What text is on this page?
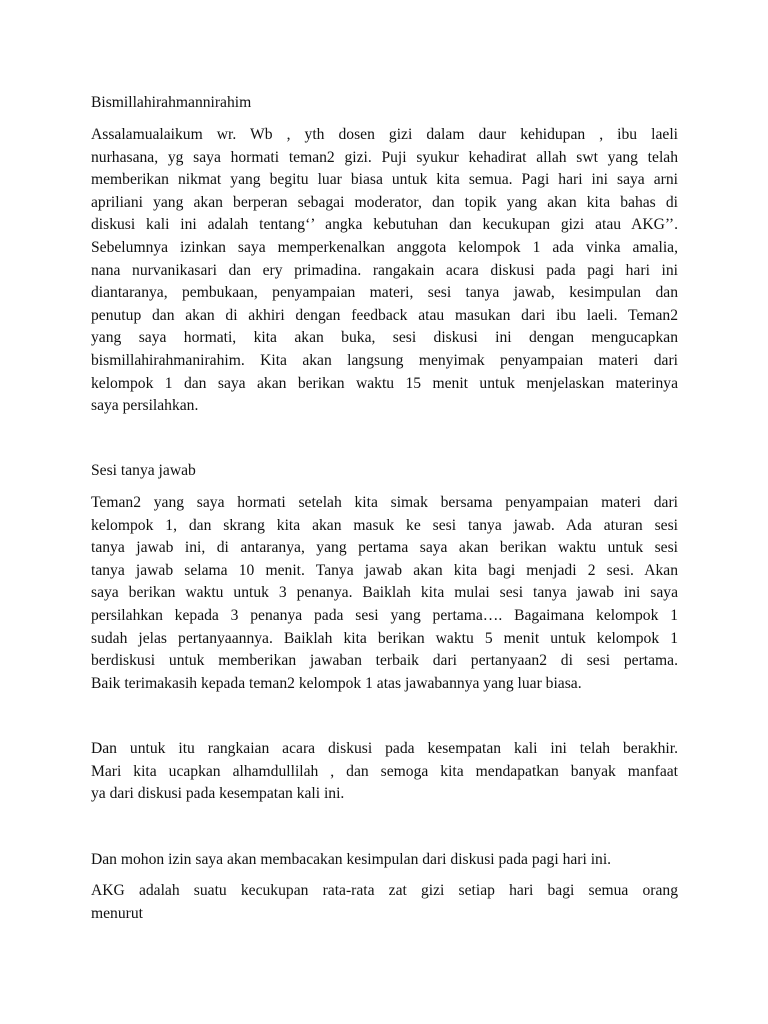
Bismillahirahmannirahim

Assalamualaikum wr. Wb , yth dosen gizi dalam daur kehidupan , ibu laeli
nurhasana, yg saya hormati teman2 gizi. Puji syukur kehadirat allah swt yang telah
memberikan nikmat yang begitu luar biasa untuk kita semua. Pagi hari ini saya arni
apriliani yang akan berperan sebagai moderator, dan topik yang akan kita bahas di
diskusi kali ini adalah tentang‘’ angka kebutuhan dan kecukupan gizi atau AKG’’.
Sebelumnya izinkan saya memperkenalkan anggota kelompok 1 ada vinka amalia,
nana nurvanikasari dan ery primadina. rangakain acara diskusi pada pagi hari ini
diantaranya, pembukaan, penyampaian materi, sesi tanya jawab, kesimpulan dan
penutup dan akan di akhiri dengan feedback atau masukan dari ibu laeli. Teman2
yang saya hormati, kita akan buka, sesi diskusi ini dengan mengucapkan
bismillahirahmanirahim. Kita akan langsung menyimak penyampaian materi dari
kelompok 1 dan saya akan berikan waktu 15 menit untuk menjelaskan materinya
saya persilahkan.

Sesi tanya jawab

Teman2 yang saya hormati setelah kita simak bersama penyampaian materi dari
kelompok 1, dan skrang kita akan masuk ke sesi tanya jawab. Ada aturan sesi
tanya jawab ini, di antaranya, yang pertama saya akan berikan waktu untuk sesi
tanya jawab selama 10 menit. Tanya jawab akan kita bagi menjadi 2 sesi. Akan
saya berikan waktu untuk 3 penanya. Baiklah kita mulai sesi tanya jawab ini saya
persilahkan kepada 3 penanya pada sesi yang pertama…. Bagaimana kelompok 1
sudah jelas pertanyaannya. Baiklah kita berikan waktu 5 menit untuk kelompok 1
berdiskusi untuk memberikan jawaban terbaik dari pertanyaan2 di sesi pertama.
Baik terimakasih kepada teman2 kelompok 1 atas jawabannya yang luar biasa.

Dan untuk itu rangkaian acara diskusi pada kesempatan kali ini telah berakhir.
Mari kita ucapkan alhamdullilah , dan semoga kita mendapatkan banyak manfaat
ya dari diskusi pada kesempatan kali ini.

Dan mohon izin saya akan membacakan kesimpulan dari diskusi pada pagi hari ini.

AKG adalah suatu kecukupan rata-rata zat gizi setiap hari bagi semua orang
menurut
